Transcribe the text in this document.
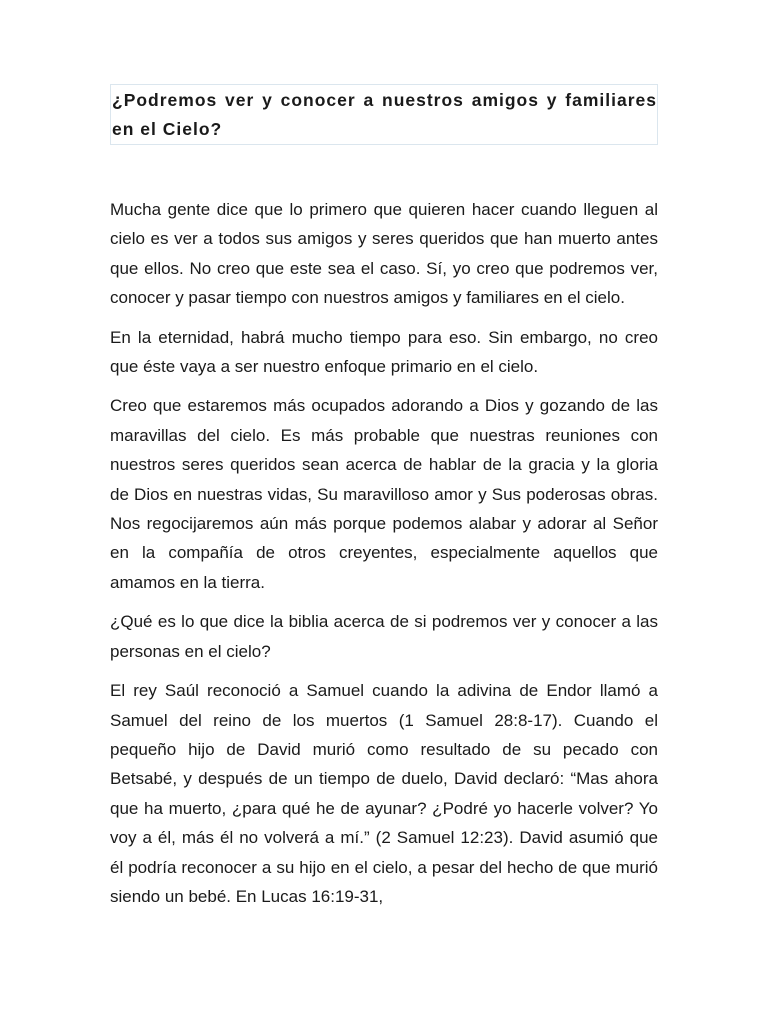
¿Podremos ver y conocer a nuestros amigos y familiares en el Cielo?

Mucha gente dice que lo primero que quieren hacer cuando lleguen al cielo es ver a todos sus amigos y seres queridos que han muerto antes que ellos. No creo que este sea el caso. Sí, yo creo que podremos ver, conocer y pasar tiempo con nuestros amigos y familiares en el cielo.

En la eternidad, habrá mucho tiempo para eso. Sin embargo, no creo que éste vaya a ser nuestro enfoque primario en el cielo.

Creo que estaremos más ocupados adorando a Dios y gozando de las maravillas del cielo. Es más probable que nuestras reuniones con nuestros seres queridos sean acerca de hablar de la gracia y la gloria de Dios en nuestras vidas, Su maravilloso amor y Sus poderosas obras. Nos regocijaremos aún más porque podemos alabar y adorar al Señor en la compañía de otros creyentes, especialmente aquellos que amamos en la tierra.

¿Qué es lo que dice la biblia acerca de si podremos ver y conocer a las personas en el cielo?

El rey Saúl reconoció a Samuel cuando la adivina de Endor llamó a Samuel del reino de los muertos (1 Samuel 28:8-17). Cuando el pequeño hijo de David murió como resultado de su pecado con Betsabé, y después de un tiempo de duelo, David declaró: “Mas ahora que ha muerto, ¿para qué he de ayunar? ¿Podré yo hacerle volver? Yo voy a él, más él no volverá a mí.” (2 Samuel 12:23). David asumió que él podría reconocer a su hijo en el cielo, a pesar del hecho de que murió siendo un bebé. En Lucas 16:19-31,
